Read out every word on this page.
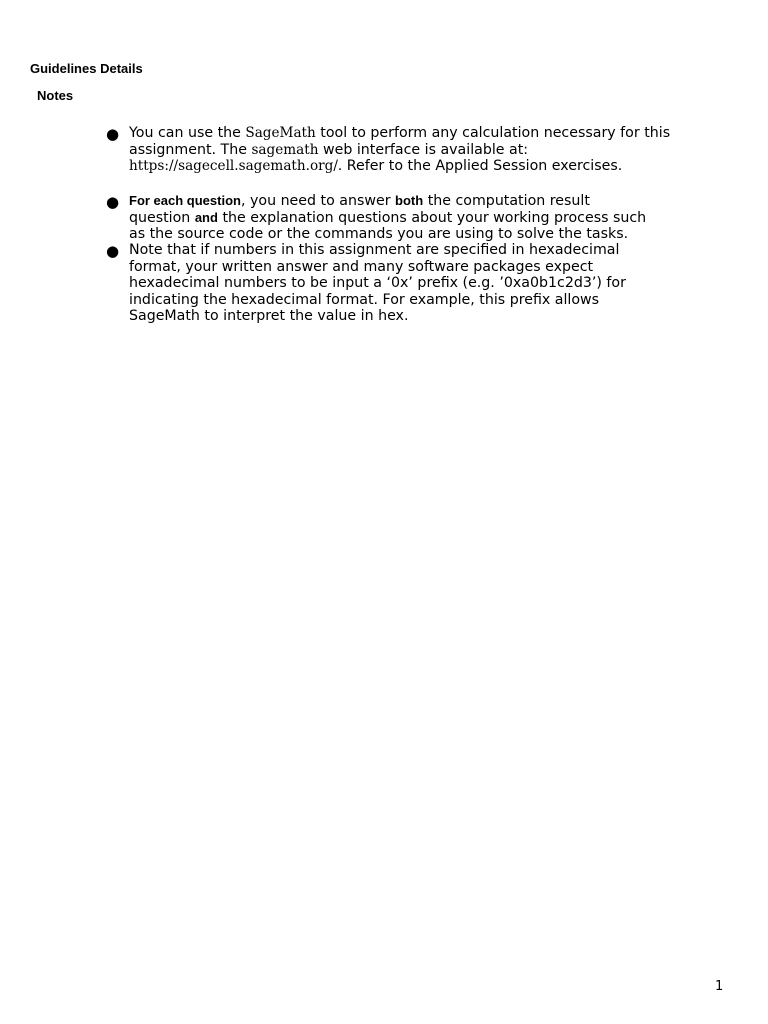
Guidelines Details
Notes
● You can use the SageMath tool to perform any calculation necessary for this
assignment. The sagemath web interface is available at:
https://sagecell.sagemath.org/. Refer to the Applied Session exercises.
● For each question, you need to answer both the computation result
question and the explanation questions about your working process such
as the source code or the commands you are using to solve the tasks.
● Note that if numbers in this assignment are specified in hexadecimal format, your written answer and many software packages expect hexadecimal numbers to be input a ‘0x’ prefix (e.g. ’0xa0b1c2d3’) for indicating the hexadecimal format. For example, this prefix allows SageMath to interpret the value in hex.
1
